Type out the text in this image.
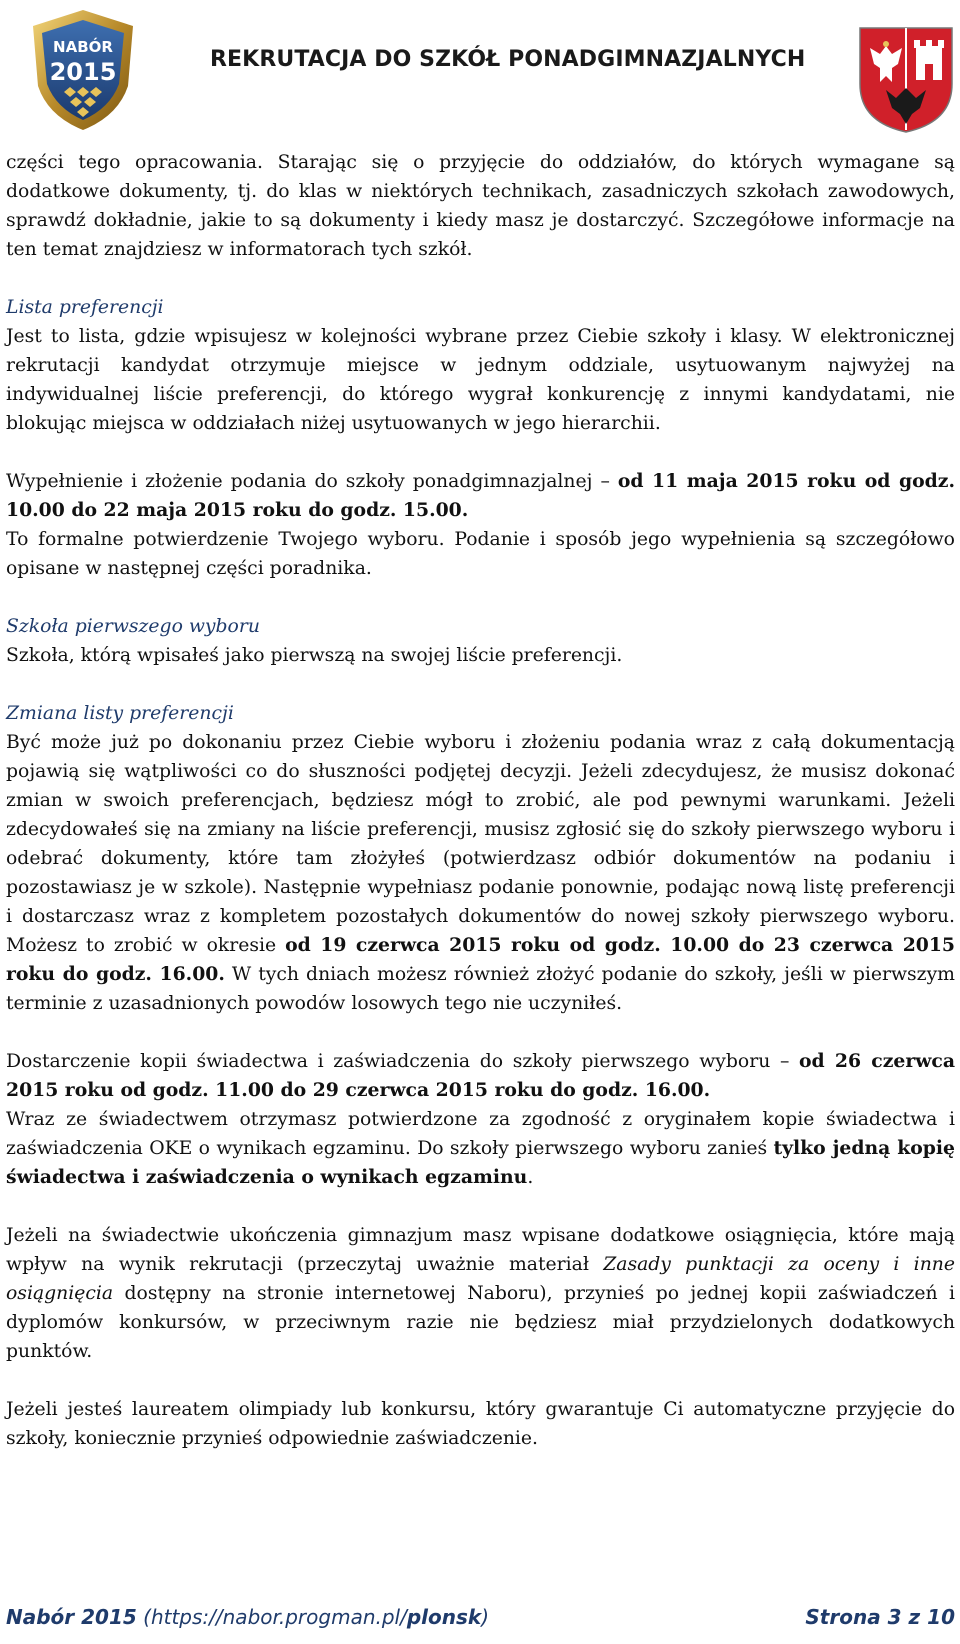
NABÓR
2015	REKRUTACJA DO SZKÓŁ PONADGIMNAZJALNYCH

części tego opracowania. Starając się o przyjęcie do oddziałów, do których wymagane są dodatkowe dokumenty, tj. do klas w niektórych technikach, zasadniczych szkołach zawodowych, sprawdź dokładnie, jakie to są dokumenty i kiedy masz je dostarczyć. Szczegółowe informacje na ten temat znajdziesz w informatorach tych szkół.

Lista preferencji
Jest to lista, gdzie wpisujesz w kolejności wybrane przez Ciebie szkoły i klasy. W elektronicznej rekrutacji kandydat otrzymuje miejsce w jednym oddziale, usytuowanym najwyżej na indywidualnej liście preferencji, do którego wygrał konkurencję z innymi kandydatami, nie blokując miejsca w oddziałach niżej usytuowanych w jego hierarchii.

Wypełnienie i złożenie podania do szkoły ponadgimnazjalnej – od 11 maja 2015 roku od godz. 10.00 do 22 maja 2015 roku do godz. 15.00.
To formalne potwierdzenie Twojego wyboru. Podanie i sposób jego wypełnienia są szczegółowo opisane w następnej części poradnika.

Szkoła pierwszego wyboru
Szkoła, którą wpisałeś jako pierwszą na swojej liście preferencji.

Zmiana listy preferencji
Być może już po dokonaniu przez Ciebie wyboru i złożeniu podania wraz z całą dokumentacją pojawią się wątpliwości co do słuszności podjętej decyzji. Jeżeli zdecydujesz, że musisz dokonać zmian w swoich preferencjach, będziesz mógł to zrobić, ale pod pewnymi warunkami. Jeżeli zdecydowałeś się na zmiany na liście preferencji, musisz zgłosić się do szkoły pierwszego wyboru i odebrać dokumenty, które tam złożyłeś (potwierdzasz odbiór dokumentów na podaniu i pozostawiasz je w szkole). Następnie wypełniasz podanie ponownie, podając nową listę preferencji i dostarczasz wraz z kompletem pozostałych dokumentów do nowej szkoły pierwszego wyboru. Możesz to zrobić w okresie od 19 czerwca 2015 roku od godz. 10.00 do 23 czerwca 2015 roku do godz. 16.00. W tych dniach możesz również złożyć podanie do szkoły, jeśli w pierwszym terminie z uzasadnionych powodów losowych tego nie uczyniłeś.

Dostarczenie kopii świadectwa i zaświadczenia do szkoły pierwszego wyboru – od 26 czerwca 2015 roku od godz. 11.00 do 29 czerwca 2015 roku do godz. 16.00.
Wraz ze świadectwem otrzymasz potwierdzone za zgodność z oryginałem kopie świadectwa i zaświadczenia OKE o wynikach egzaminu. Do szkoły pierwszego wyboru zanieś tylko jedną kopię świadectwa i zaświadczenia o wynikach egzaminu.

Jeżeli na świadectwie ukończenia gimnazjum masz wpisane dodatkowe osiągnięcia, które mają wpływ na wynik rekrutacji (przeczytaj uważnie materiał Zasady punktacji za oceny i inne osiągnięcia dostępny na stronie internetowej Naboru), przynieś po jednej kopii zaświadczeń i dyplomów konkursów, w przeciwnym razie nie będziesz miał przydzielonych dodatkowych punktów.

Jeżeli jesteś laureatem olimpiady lub konkursu, który gwarantuje Ci automatyczne przyjęcie do szkoły, koniecznie przynieś odpowiednie zaświadczenie.

Nabór 2015 (https://nabor.progman.pl/plonsk)	Strona 3 z 10
